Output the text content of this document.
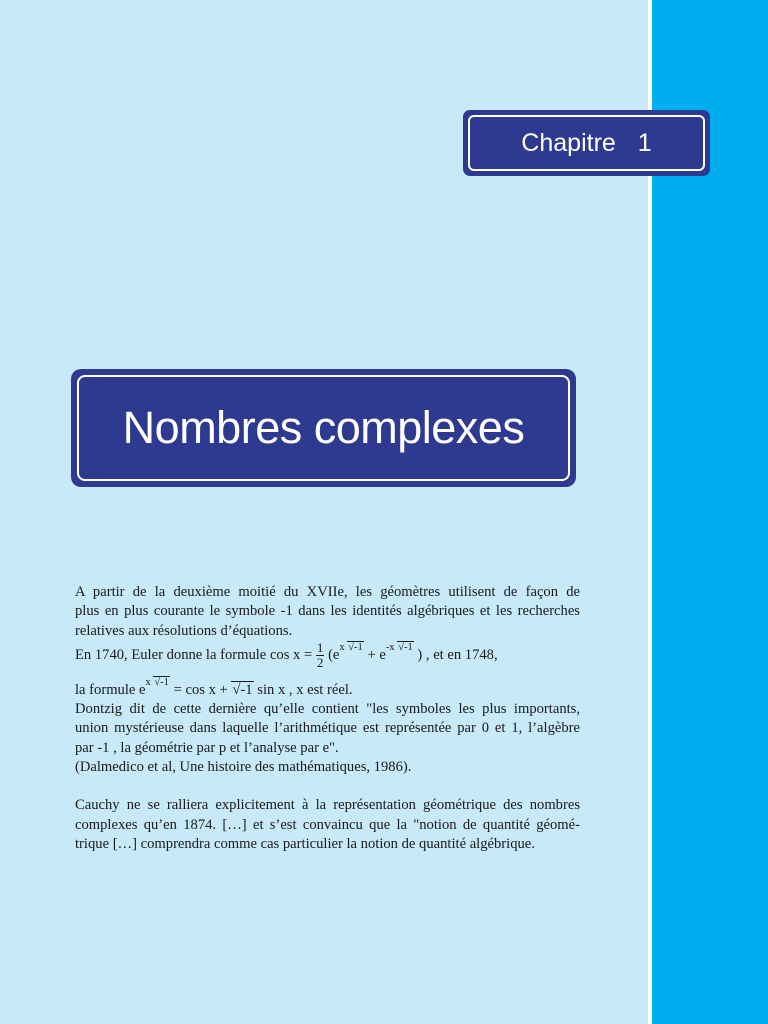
Chapitre 1
Nombres complexes
A partir de la deuxième moitié du XVIIe, les géomètres utilisent de façon de
plus en plus courante le symbole -1 dans les identités algébriques et les recherches
relatives aux résolutions d’équations.
En 1740, Euler donne la formule $\cos x = \frac{1}{2} (e^{x √-1} + e^{-x √-1}$ ) , et en 1748,
la formule $e^{x √-1} = \cos x + √-1$ sin x , x est réel.
Dontzig dit de cette dernière qu’elle contient "les symboles les plus importants,
union mystérieuse dans laquelle l’arithmétique est représentée par 0 et 1, l’algèbre
par -1 , la géométrie par p et l’analyse par e".
(Dalmedico et al, Une histoire des mathématiques, 1986).
Cauchy ne se ralliera explicitement à la représentation géométrique des nombres
complexes qu’en 1874. […] et s’est convaincu que la "notion de quantité géomé-
trique […] comprendra comme cas particulier la notion de quantité algébrique.
